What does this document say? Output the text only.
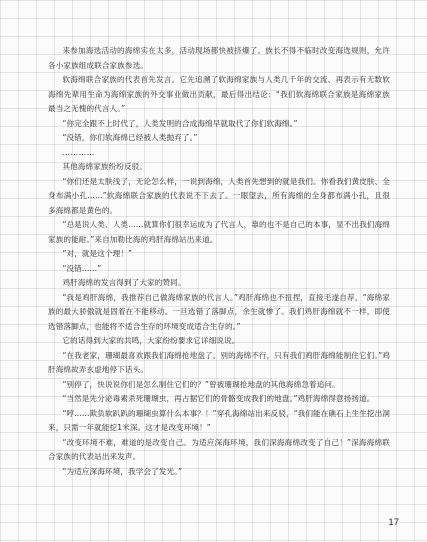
来参加海选活动的海绵实在太多，活动现场都快被挤爆了。族长不得不临时改变海选规则，允许各小家族组成联合家族参选。

软海绵联合家族的代表首先发言。它先追溯了软海绵家族与人类几千年的交流、再表示有无数软海绵先辈用生命为海绵家族的外交事业做出贡献，最后得出结论：“我们软海绵联合家族是海绵家族最当之无愧的代言人。”

“你完全跟不上时代了，人类发明的合成海绵早就取代了你们软海绵。”

“没错，你们软海绵已经被人类抛弃了。”

…………

其他海绵家族纷纷反驳。

“你们还是太肤浅了，无论怎么样，一说到海绵，人类首先想到的就是我们。你看我们黄皮肤、全身布满小孔……”软海绵联合家族的代表说不下去了。一眼望去，所有海绵的全身都布满小孔，且很多海绵都是黄色的。

“总是说人类、人类……就算你们很幸运成为了代言人，靠的也不是自己的本事，显不出我们海绵家族的能耐。”来自加勒比海的鸡肝海绵站出来道。

“对，就是这个理！”

“没错……”

鸡肝海绵的发言得到了大家的赞同。

“我是鸡肝海绵，我推荐自己做海绵家族的代言人。”鸡肝海绵也不扭捏，直接毛遂自荐，“海绵家族的最大骄傲就是固着在不能移动。一旦选错了落脚点，余生就惨了。我们鸡肝海绵就不一样，即使选错落脚点，也能将不适合生存的环境变成适合生存的。”

它的话得到大家的共鸣，大家纷纷要求它详细说说。

“在我老家，珊瑚最喜欢跟我们海绵抢地盘了。别的海绵不行，只有我们鸡肝海绵能制住它们。”鸡肝海绵故弄玄虚地停下话头。

“别停了，快说说你们是怎么制住它们的？”曾被珊瑚抢地盘的其他海绵急着追问。

“当然是先分泌毒素杀死珊瑚虫，再占据它们的骨骼变成我们的地盘。”鸡肝海绵得意扬扬道。

“哼……欺负软趴趴的珊瑚虫算什么本事？！”穿孔海绵站出来反驳，“我们能在礁石上生生挖出洞来，只需一年就能挖1米深。这才是改变环境！”

“改变环境不难，难道的是改变自己。为适应深海环境，我们深海海绵改变了自己！”深海海绵联合家族的代表站出来发声。

“为适应深海环境，我学会了发光。”

17
